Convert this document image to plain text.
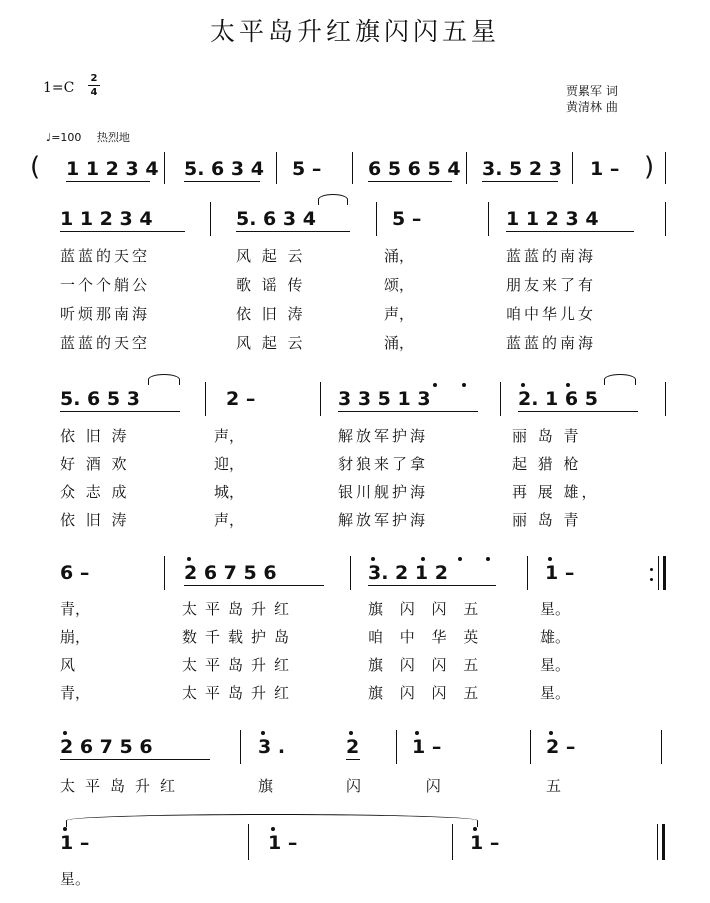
太平岛升红旗闪闪五星
1=C
2
4	贾累军 词
黄清林 曲
♩=100 热烈地
( 1 1 2 3 4 5. 6 3 4 5 – 6 5 6 5 4 3. 5 2 3 1 – )
1 1 2 3 4	5. 6 3 4	5 –	1 1 2 3 4
蓝蓝的天空	风 起 云	涌，	蓝蓝的南海
一个个艄公	歌 谣 传	颂，	朋友来了有
听烦那南海	依 旧 涛	声，	咱中华儿女
蓝蓝的天空	风 起 云	涌，	蓝蓝的南海
5. 6 5 3	2 –	3 3 5 1 3	2. 1 6 5
依 旧 涛	声，	解放军护海	丽 岛 青
好 酒 欢	迎，	豺狼来了拿	起 猎 枪
众 志 成	城，	银川舰护海	再 展 雄，
依 旧 涛	声，	解放军护海	丽 岛 青
6 –	2 6 7 5 6	3. 2 1 2	1 –
青，	太平岛升红	旗 闪 闪 五	星。
崩，	数千载护岛	咱 中 华 英	雄。
风	太平岛升红	旗 闪 闪 五	星。
青，	太平岛升红	旗 闪 闪 五	星。
2 6 7 5 6	3 .	2	1 –	2 –
太平岛升红	旗	闪 闪	五
1 –	1 –	1 –
星。
